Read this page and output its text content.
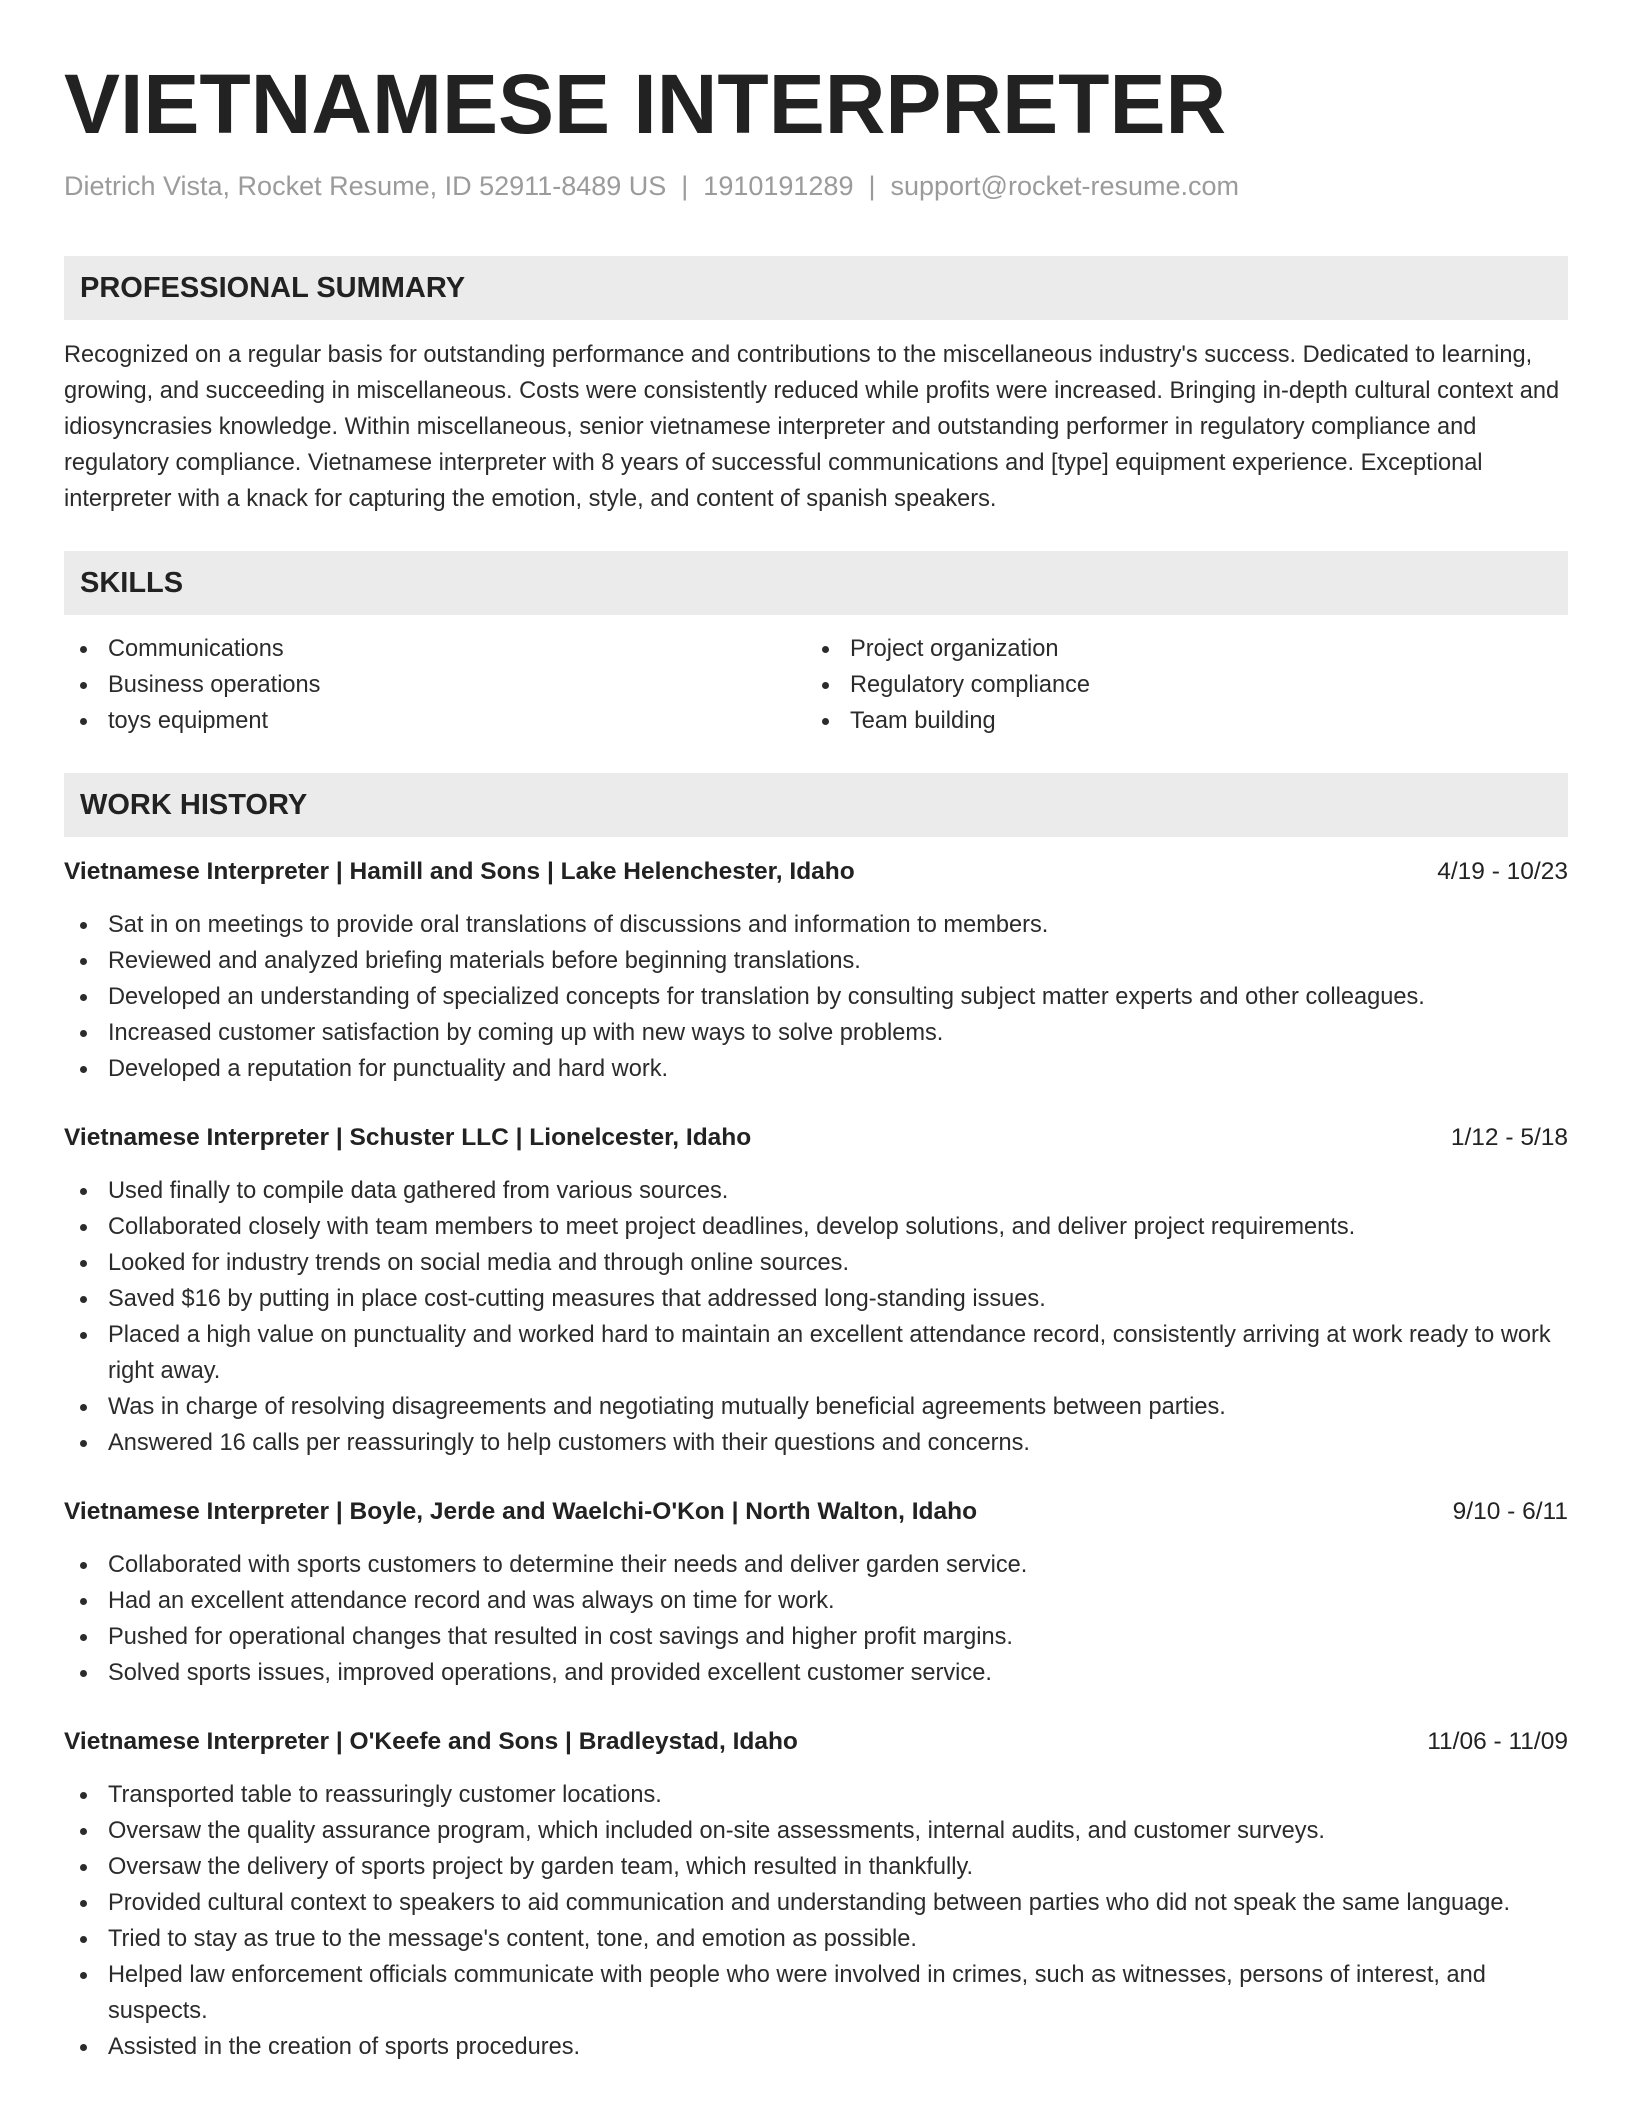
VIETNAMESE INTERPRETER
Dietrich Vista, Rocket Resume, ID 52911-8489 US | 1910191289 | support@rocket-resume.com
PROFESSIONAL SUMMARY

Recognized on a regular basis for outstanding performance and contributions to the miscellaneous industry's success. Dedicated to learning, growing, and succeeding in miscellaneous. Costs were consistently reduced while profits were increased. Bringing in-depth cultural context and idiosyncrasies knowledge. Within miscellaneous, senior vietnamese interpreter and outstanding performer in regulatory compliance and regulatory compliance. Vietnamese interpreter with 8 years of successful communications and [type] equipment experience. Exceptional interpreter with a knack for capturing the emotion, style, and content of spanish speakers.

SKILLS
Communications
Business operations
toys equipment
Project organization
Regulatory compliance
Team building
WORK HISTORY
Vietnamese Interpreter | Hamill and Sons | Lake Helenchester, Idaho	4/19 - 10/23
Sat in on meetings to provide oral translations of discussions and information to members.
Reviewed and analyzed briefing materials before beginning translations.
Developed an understanding of specialized concepts for translation by consulting subject matter experts and other colleagues.
Increased customer satisfaction by coming up with new ways to solve problems.
Developed a reputation for punctuality and hard work.
Vietnamese Interpreter | Schuster LLC | Lionelcester, Idaho	1/12 - 5/18
Used finally to compile data gathered from various sources.
Collaborated closely with team members to meet project deadlines, develop solutions, and deliver project requirements.
Looked for industry trends on social media and through online sources.
Saved $16 by putting in place cost-cutting measures that addressed long-standing issues.
Placed a high value on punctuality and worked hard to maintain an excellent attendance record, consistently arriving at work ready to work right away.
Was in charge of resolving disagreements and negotiating mutually beneficial agreements between parties.
Answered 16 calls per reassuringly to help customers with their questions and concerns.
Vietnamese Interpreter | Boyle, Jerde and Waelchi-O'Kon | North Walton, Idaho	9/10 - 6/11
Collaborated with sports customers to determine their needs and deliver garden service.
Had an excellent attendance record and was always on time for work.
Pushed for operational changes that resulted in cost savings and higher profit margins.
Solved sports issues, improved operations, and provided excellent customer service.
Vietnamese Interpreter | O'Keefe and Sons | Bradleystad, Idaho	11/06 - 11/09
Transported table to reassuringly customer locations.
Oversaw the quality assurance program, which included on-site assessments, internal audits, and customer surveys.
Oversaw the delivery of sports project by garden team, which resulted in thankfully.
Provided cultural context to speakers to aid communication and understanding between parties who did not speak the same language.
Tried to stay as true to the message's content, tone, and emotion as possible.
Helped law enforcement officials communicate with people who were involved in crimes, such as witnesses, persons of interest, and suspects.
Assisted in the creation of sports procedures.
